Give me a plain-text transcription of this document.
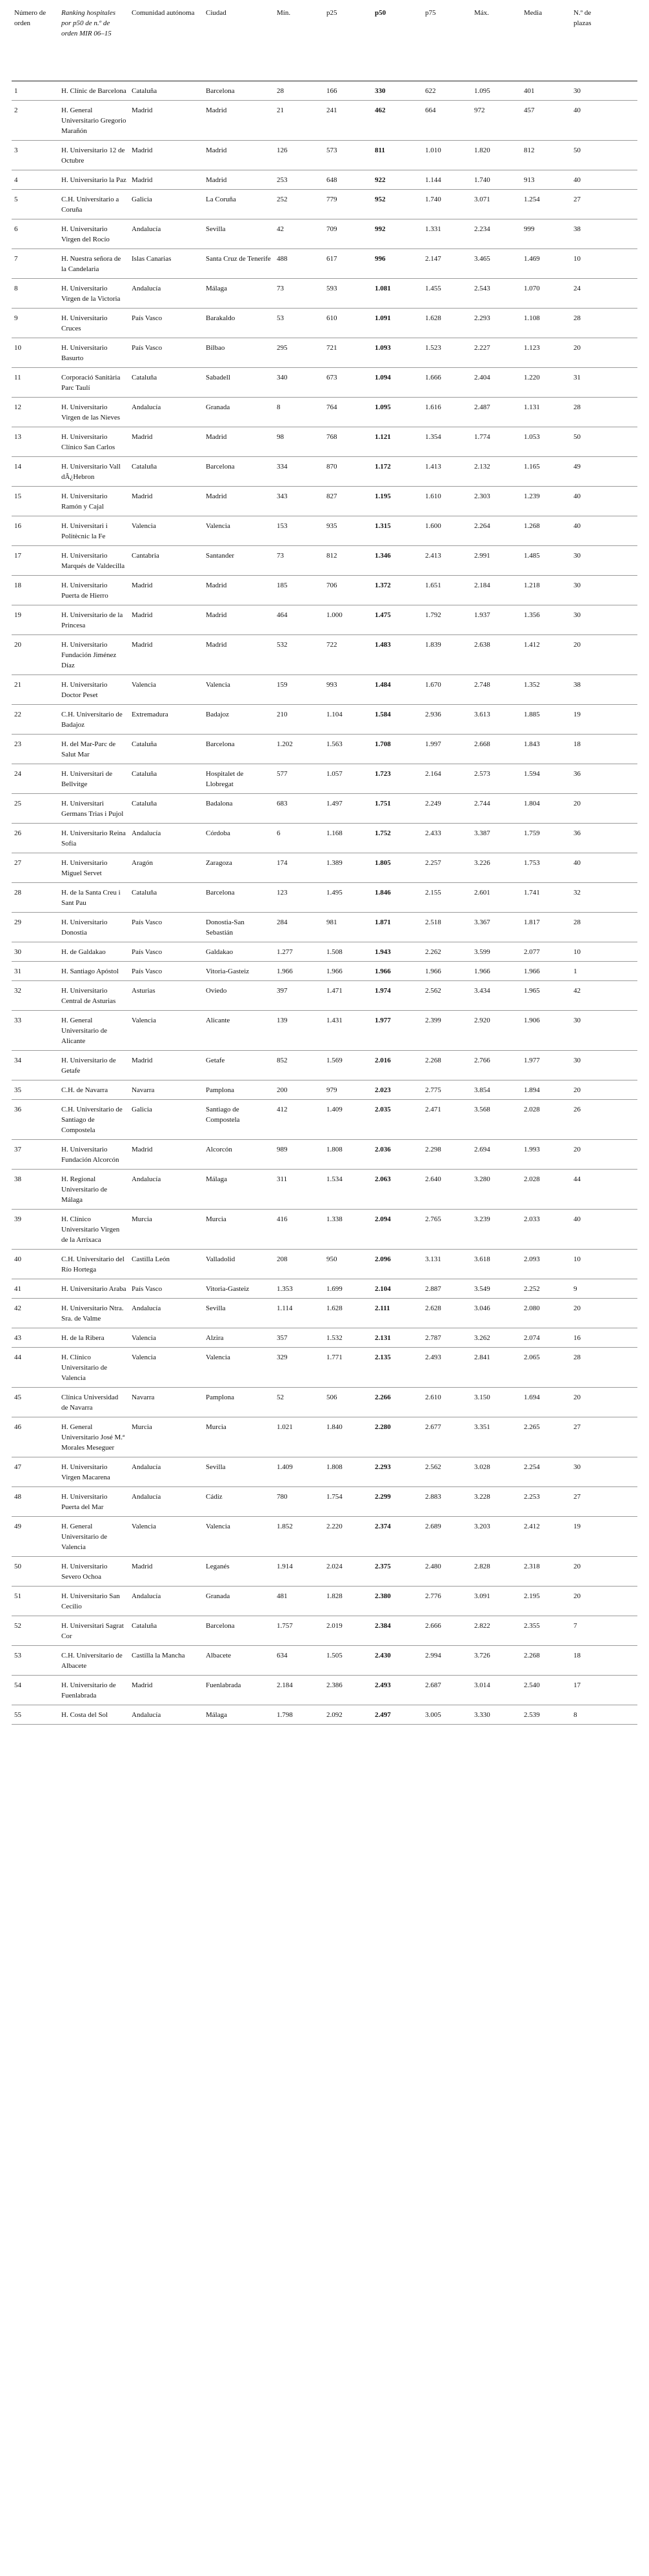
Número de orden	Ranking hospitales por p50 de n.º de orden MIR 06–15	Comunidad autónoma	Ciudad	Mín.	p25	p50	p75	Máx.	Media	N.º de plazas	
1	H. Clínic de Barcelona	Cataluña	Barcelona	28	166	330	622	1.095	401	30	
2	H. General Universitario Gregorio Marañón	Madrid	Madrid	21	241	462	664	972	457	40	
3	H. Universitario 12 de Octubre	Madrid	Madrid	126	573	811	1.010	1.820	812	50	
4	H. Universitario la Paz	Madrid	Madrid	253	648	922	1.144	1.740	913	40	
5	C.H. Universitario a Coruña	Galicia	La Coruña	252	779	952	1.740	3.071	1.254	27	
6	H. Universitario Virgen del Rocío	Andalucía	Sevilla	42	709	992	1.331	2.234	999	38	
7	H. Nuestra señora de la Candelaria	Islas Canarias	Santa Cruz de Tenerife	488	617	996	2.147	3.465	1.469	10	
8	H. Universitario Virgen de la Victoria	Andalucía	Málaga	73	593	1.081	1.455	2.543	1.070	24	
9	H. Universitario Cruces	País Vasco	Barakaldo	53	610	1.091	1.628	2.293	1.108	28	
10	H. Universitario Basurto	País Vasco	Bilbao	295	721	1.093	1.523	2.227	1.123	20	
11	Corporació Sanitària Parc Taulí	Cataluña	Sabadell	340	673	1.094	1.666	2.404	1.220	31	
12	H. Universitario Virgen de las Nieves	Andalucía	Granada	8	764	1.095	1.616	2.487	1.131	28	
13	H. Universitario Clínico San Carlos	Madrid	Madrid	98	768	1.121	1.354	1.774	1.053	50	
14	H. Universitario Vall dÂ¿Hebron	Cataluña	Barcelona	334	870	1.172	1.413	2.132	1.165	49	
15	H. Universitario Ramón y Cajal	Madrid	Madrid	343	827	1.195	1.610	2.303	1.239	40	
16	H. Universitari i Politècnic la Fe	Valencia	Valencia	153	935	1.315	1.600	2.264	1.268	40	
17	H. Universitario Marqués de Valdecilla	Cantabria	Santander	73	812	1.346	2.413	2.991	1.485	30	
18	H. Universitario Puerta de Hierro	Madrid	Madrid	185	706	1.372	1.651	2.184	1.218	30	
19	H. Universitario de la Princesa	Madrid	Madrid	464	1.000	1.475	1.792	1.937	1.356	30	
20	H. Universitario Fundación Jiménez Díaz	Madrid	Madrid	532	722	1.483	1.839	2.638	1.412	20	
21	H. Universitario Doctor Peset	Valencia	Valencia	159	993	1.484	1.670	2.748	1.352	38	
22	C.H. Universitario de Badajoz	Extremadura	Badajoz	210	1.104	1.584	2.936	3.613	1.885	19	
23	H. del Mar-Parc de Salut Mar	Cataluña	Barcelona	1.202	1.563	1.708	1.997	2.668	1.843	18	
24	H. Universitari de Bellvitge	Cataluña	Hospitalet de Llobregat	577	1.057	1.723	2.164	2.573	1.594	36	
25	H. Universitari Germans Trias i Pujol	Cataluña	Badalona	683	1.497	1.751	2.249	2.744	1.804	20	
26	H. Universitario Reina Sofía	Andalucía	Córdoba	6	1.168	1.752	2.433	3.387	1.759	36	
27	H. Universitario Miguel Servet	Aragón	Zaragoza	174	1.389	1.805	2.257	3.226	1.753	40	
28	H. de la Santa Creu i Sant Pau	Cataluña	Barcelona	123	1.495	1.846	2.155	2.601	1.741	32	
29	H. Universitario Donostia	País Vasco	Donostia-San Sebastián	284	981	1.871	2.518	3.367	1.817	28	
30	H. de Galdakao	País Vasco	Galdakao	1.277	1.508	1.943	2.262	3.599	2.077	10	
31	H. Santiago Apóstol	País Vasco	Vitoria-Gasteiz	1.966	1.966	1.966	1.966	1.966	1.966	1	
32	H. Universitario Central de Asturias	Asturias	Oviedo	397	1.471	1.974	2.562	3.434	1.965	42	
33	H. General Universitario de Alicante	Valencia	Alicante	139	1.431	1.977	2.399	2.920	1.906	30	
34	H. Universitario de Getafe	Madrid	Getafe	852	1.569	2.016	2.268	2.766	1.977	30	
35	C.H. de Navarra	Navarra	Pamplona	200	979	2.023	2.775	3.854	1.894	20	
36	C.H. Universitario de Santiago de Compostela	Galicia	Santiago de Compostela	412	1.409	2.035	2.471	3.568	2.028	26	
37	H. Universitario Fundación Alcorcón	Madrid	Alcorcón	989	1.808	2.036	2.298	2.694	1.993	20	
38	H. Regional Universitario de Málaga	Andalucía	Málaga	311	1.534	2.063	2.640	3.280	2.028	44	
39	H. Clínico Universitario Virgen de la Arrixaca	Murcia	Murcia	416	1.338	2.094	2.765	3.239	2.033	40	
40	C.H. Universitario del Río Hortega	Castilla León	Valladolid	208	950	2.096	3.131	3.618	2.093	10	
41	H. Universitario Araba	País Vasco	Vitoria-Gasteiz	1.353	1.699	2.104	2.887	3.549	2.252	9	
42	H. Universitario Ntra. Sra. de Valme	Andalucía	Sevilla	1.114	1.628	2.111	2.628	3.046	2.080	20	
43	H. de la Ribera	Valencia	Alzira	357	1.532	2.131	2.787	3.262	2.074	16	
44	H. Clínico Universitario de Valencia	Valencia	Valencia	329	1.771	2.135	2.493	2.841	2.065	28	
45	Clínica Universidad de Navarra	Navarra	Pamplona	52	506	2.266	2.610	3.150	1.694	20	
46	H. General Universitario José M.ª Morales Meseguer	Murcia	Murcia	1.021	1.840	2.280	2.677	3.351	2.265	27	
47	H. Universitario Virgen Macarena	Andalucía	Sevilla	1.409	1.808	2.293	2.562	3.028	2.254	30	
48	H. Universitario Puerta del Mar	Andalucía	Cádiz	780	1.754	2.299	2.883	3.228	2.253	27	
49	H. General Universitario de Valencia	Valencia	Valencia	1.852	2.220	2.374	2.689	3.203	2.412	19	
50	H. Universitario Severo Ochoa	Madrid	Leganés	1.914	2.024	2.375	2.480	2.828	2.318	20	
51	H. Universitario San Cecilio	Andalucía	Granada	481	1.828	2.380	2.776	3.091	2.195	20	
52	H. Universitari Sagrat Cor	Cataluña	Barcelona	1.757	2.019	2.384	2.666	2.822	2.355	7	
53	C.H. Universitario de Albacete	Castilla la Mancha	Albacete	634	1.505	2.430	2.994	3.726	2.268	18	
54	H. Universitario de Fuenlabrada	Madrid	Fuenlabrada	2.184	2.386	2.493	2.687	3.014	2.540	17	
55	H. Costa del Sol	Andalucía	Málaga	1.798	2.092	2.497	3.005	3.330	2.539	8	
